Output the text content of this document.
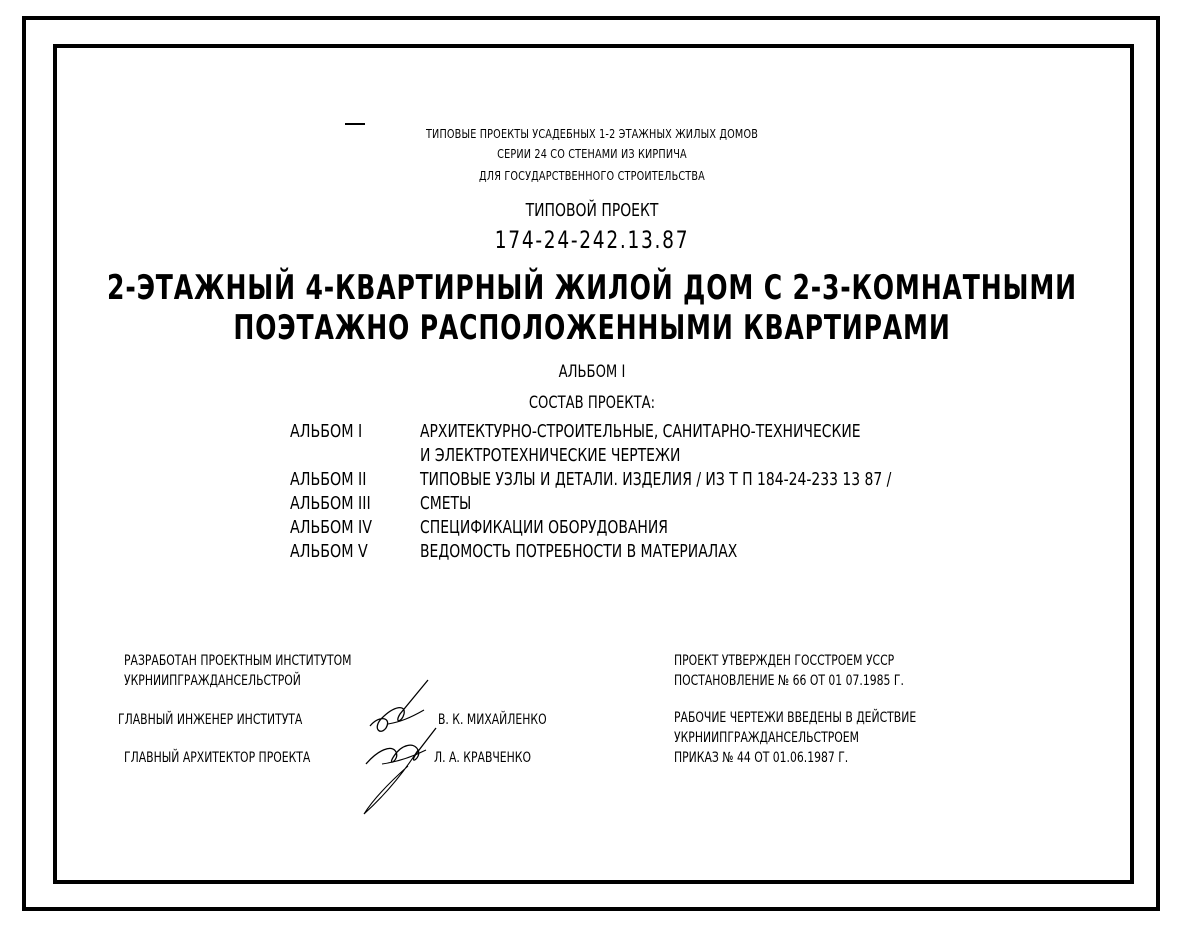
ТИПОВЫЕ ПРОЕКТЫ УСАДЕБНЫХ 1-2 ЭТАЖНЫХ ЖИЛЫХ ДОМОВ
СЕРИИ 24 СО СТЕНАМИ ИЗ КИРПИЧА
ДЛЯ ГОСУДАРСТВЕННОГО СТРОИТЕЛЬСТВА
ТИПОВОЙ ПРОЕКТ
174-24-242.13.87
2-ЭТАЖНЫЙ 4-КВАРТИРНЫЙ ЖИЛОЙ ДОМ С 2-3-КОМНАТНЫМИ
ПОЭТАЖНО РАСПОЛОЖЕННЫМИ КВАРТИРАМИ
АЛЬБОМ I
СОСТАВ ПРОЕКТА:
АЛЬБОМ I	АРХИТЕКТУРНО-СТРОИТЕЛЬНЫЕ, САНИТАРНО-ТЕХНИЧЕСКИЕ
И ЭЛЕКТРОТЕХНИЧЕСКИЕ ЧЕРТЕЖИ
АЛЬБОМ II	ТИПОВЫЕ УЗЛЫ И ДЕТАЛИ. ИЗДЕЛИЯ / ИЗ Т П 184-24-233 13 87 /
АЛЬБОМ III	СМЕТЫ
АЛЬБОМ IV	СПЕЦИФИКАЦИИ ОБОРУДОВАНИЯ
АЛЬБОМ V	ВЕДОМОСТЬ ПОТРЕБНОСТИ В МАТЕРИАЛАХ
РАЗРАБОТАН ПРОЕКТНЫМ ИНСТИТУТОМ
УКРНИИПГРАЖДАНСЕЛЬСТРОЙ
ГЛАВНЫЙ ИНЖЕНЕР ИНСТИТУТА	В. К. МИХАЙЛЕНКО
ГЛАВНЫЙ АРХИТЕКТОР ПРОЕКТА	Л. А. КРАВЧЕНКО
ПРОЕКТ УТВЕРЖДЕН ГОССТРОЕМ УССР
ПОСТАНОВЛЕНИЕ № 66 ОТ 01 07.1985 Г.
РАБОЧИЕ ЧЕРТЕЖИ ВВЕДЕНЫ В ДЕЙСТВИЕ
УКРНИИПГРАЖДАНСЕЛЬСТРОЕМ
ПРИКАЗ № 44 ОТ 01.06.1987 Г.
